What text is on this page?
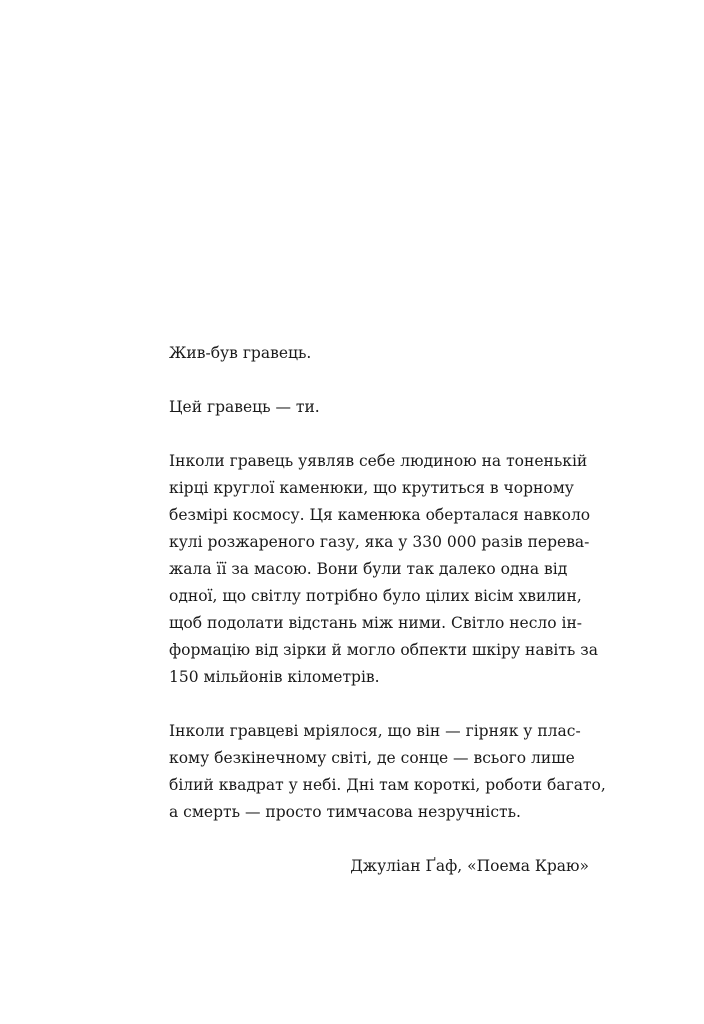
Жив-був гравець.

Цей гравець — ти.

Інколи гравець уявляв себе людиною на тоненькій
кірці круглої каменюки, що крутиться в чорному
безмірі космосу. Ця каменюка оберталася навколо
кулі розжареного газу, яка у 330 000 разів перева-
жала її за масою. Вони були так далеко одна від
одної, що світлу потрібно було цілих вісім хвилин,
щоб подолати відстань між ними. Світло несло ін-
формацію від зірки й могло обпекти шкіру навіть за
150 мільйонів кілометрів.

Інколи гравцеві мріялося, що він — гірняк у плас-
кому безкінечному світі, де сонце — всього лише
білий квадрат у небі. Дні там короткі, роботи багато,
а смерть — просто тимчасова незручність.

Джуліан Ґаф, «Поема Краю»
